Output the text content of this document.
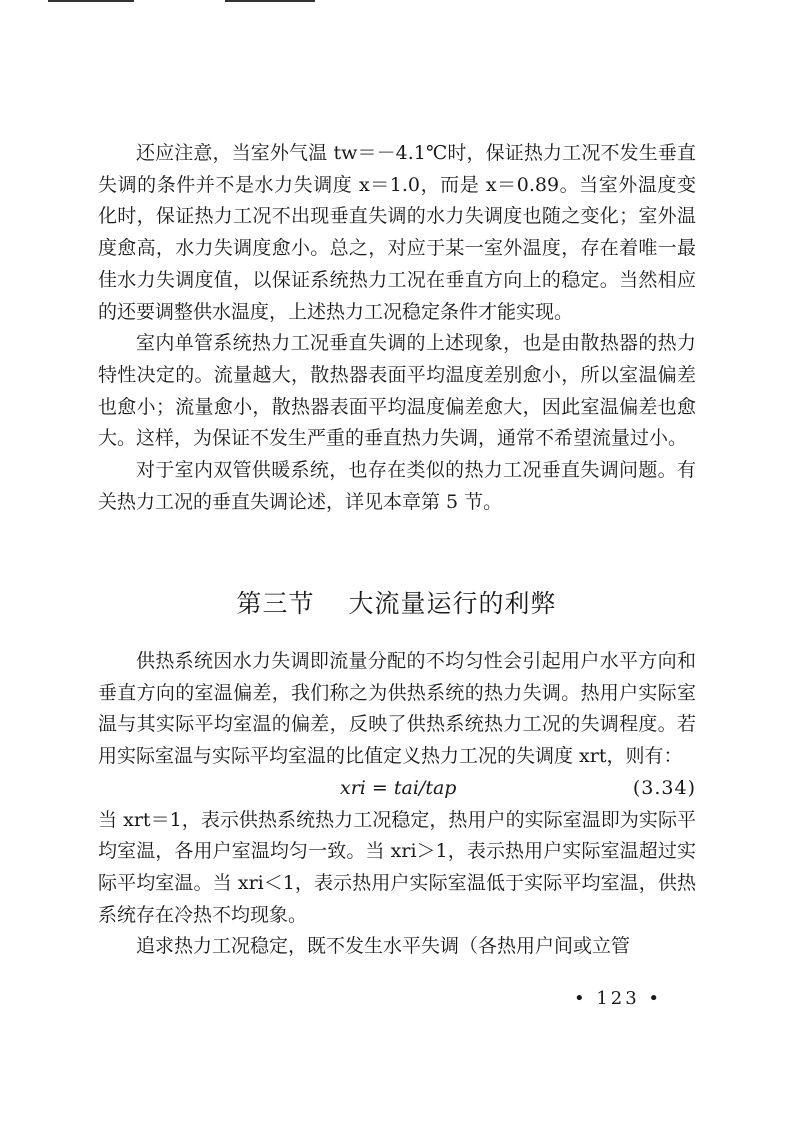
还应注意，当室外气温 tw＝－4.1℃时，保证热力工况不发生垂直失调的条件并不是水力失调度 x＝1.0，而是 x＝0.89。当室外温度变化时，保证热力工况不出现垂直失调的水力失调度也随之变化；室外温度愈高，水力失调度愈小。总之，对应于某一室外温度，存在着唯一最佳水力失调度值，以保证系统热力工况在垂直方向上的稳定。当然相应的还要调整供水温度，上述热力工况稳定条件才能实现。

室内单管系统热力工况垂直失调的上述现象，也是由散热器的热力特性决定的。流量越大，散热器表面平均温度差别愈小，所以室温偏差也愈小；流量愈小，散热器表面平均温度偏差愈大，因此室温偏差也愈大。这样，为保证不发生严重的垂直热力失调，通常不希望流量过小。

对于室内双管供暖系统，也存在类似的热力工况垂直失调问题。有关热力工况的垂直失调论述，详见本章第 5 节。

第三节 大流量运行的利弊

供热系统因水力失调即流量分配的不均匀性会引起用户水平方向和垂直方向的室温偏差，我们称之为供热系统的热力失调。热用户实际室温与其实际平均室温的偏差，反映了供热系统热力工况的失调程度。若用实际室温与实际平均室温的比值定义热力工况的失调度 xrt，则有：

xri = tai/tap	(3.34)

当 xrt＝1，表示供热系统热力工况稳定，热用户的实际室温即为实际平均室温，各用户室温均匀一致。当 xri＞1，表示热用户实际室温超过实际平均室温。当 xri＜1，表示热用户实际室温低于实际平均室温，供热系统存在冷热不均现象。

追求热力工况稳定，既不发生水平失调（各热用户间或立管

• 123 •
